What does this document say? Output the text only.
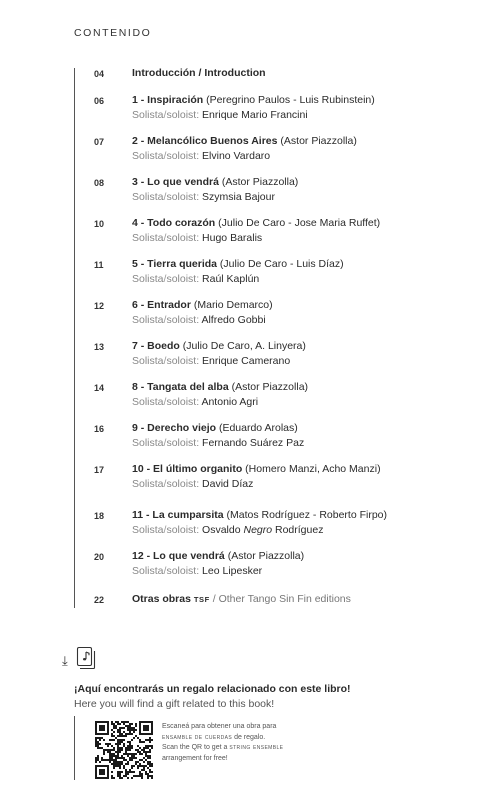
CONTENIDO
04	Introducción / Introduction
06	1 - Inspiración (Peregrino Paulos - Luis Rubinstein)
Solista/soloist: Enrique Mario Francini
07	2 - Melancólico Buenos Aires (Astor Piazzolla)
Solista/soloist: Elvino Vardaro
08	3 - Lo que vendrá (Astor Piazzolla)
Solista/soloist: Szymsia Bajour
10	4 - Todo corazón (Julio De Caro - Jose Maria Ruffet)
Solista/soloist: Hugo Baralis
11	5 - Tierra querida (Julio De Caro - Luis Díaz)
Solista/soloist: Raúl Kaplún
12	6 - Entrador (Mario Demarco)
Solista/soloist: Alfredo Gobbi
13	7 - Boedo (Julio De Caro, A. Linyera)
Solista/soloist: Enrique Camerano
14	8 - Tangata del alba (Astor Piazzolla)
Solista/soloist: Antonio Agri
16	9 - Derecho viejo (Eduardo Arolas)
Solista/soloist: Fernando Suárez Paz
17	10 - El último organito (Homero Manzi, Acho Manzi)
Solista/soloist: David Díaz
18	11 - La cumparsita (Matos Rodríguez - Roberto Firpo)
Solista/soloist: Osvaldo Negro Rodríguez
20	12 - Lo que vendrá (Astor Piazzolla)
Solista/soloist: Leo Lipesker
22	Otras obras TSF / Other Tango Sin Fin editions
⤓
¡Aquí encontrarás un regalo relacionado con este libro!
Here you will find a gift related to this book!
Escaneá para obtener una obra para
ensamble de cuerdas de regalo.
Scan the QR to get a string ensemble
arrangement for free!
